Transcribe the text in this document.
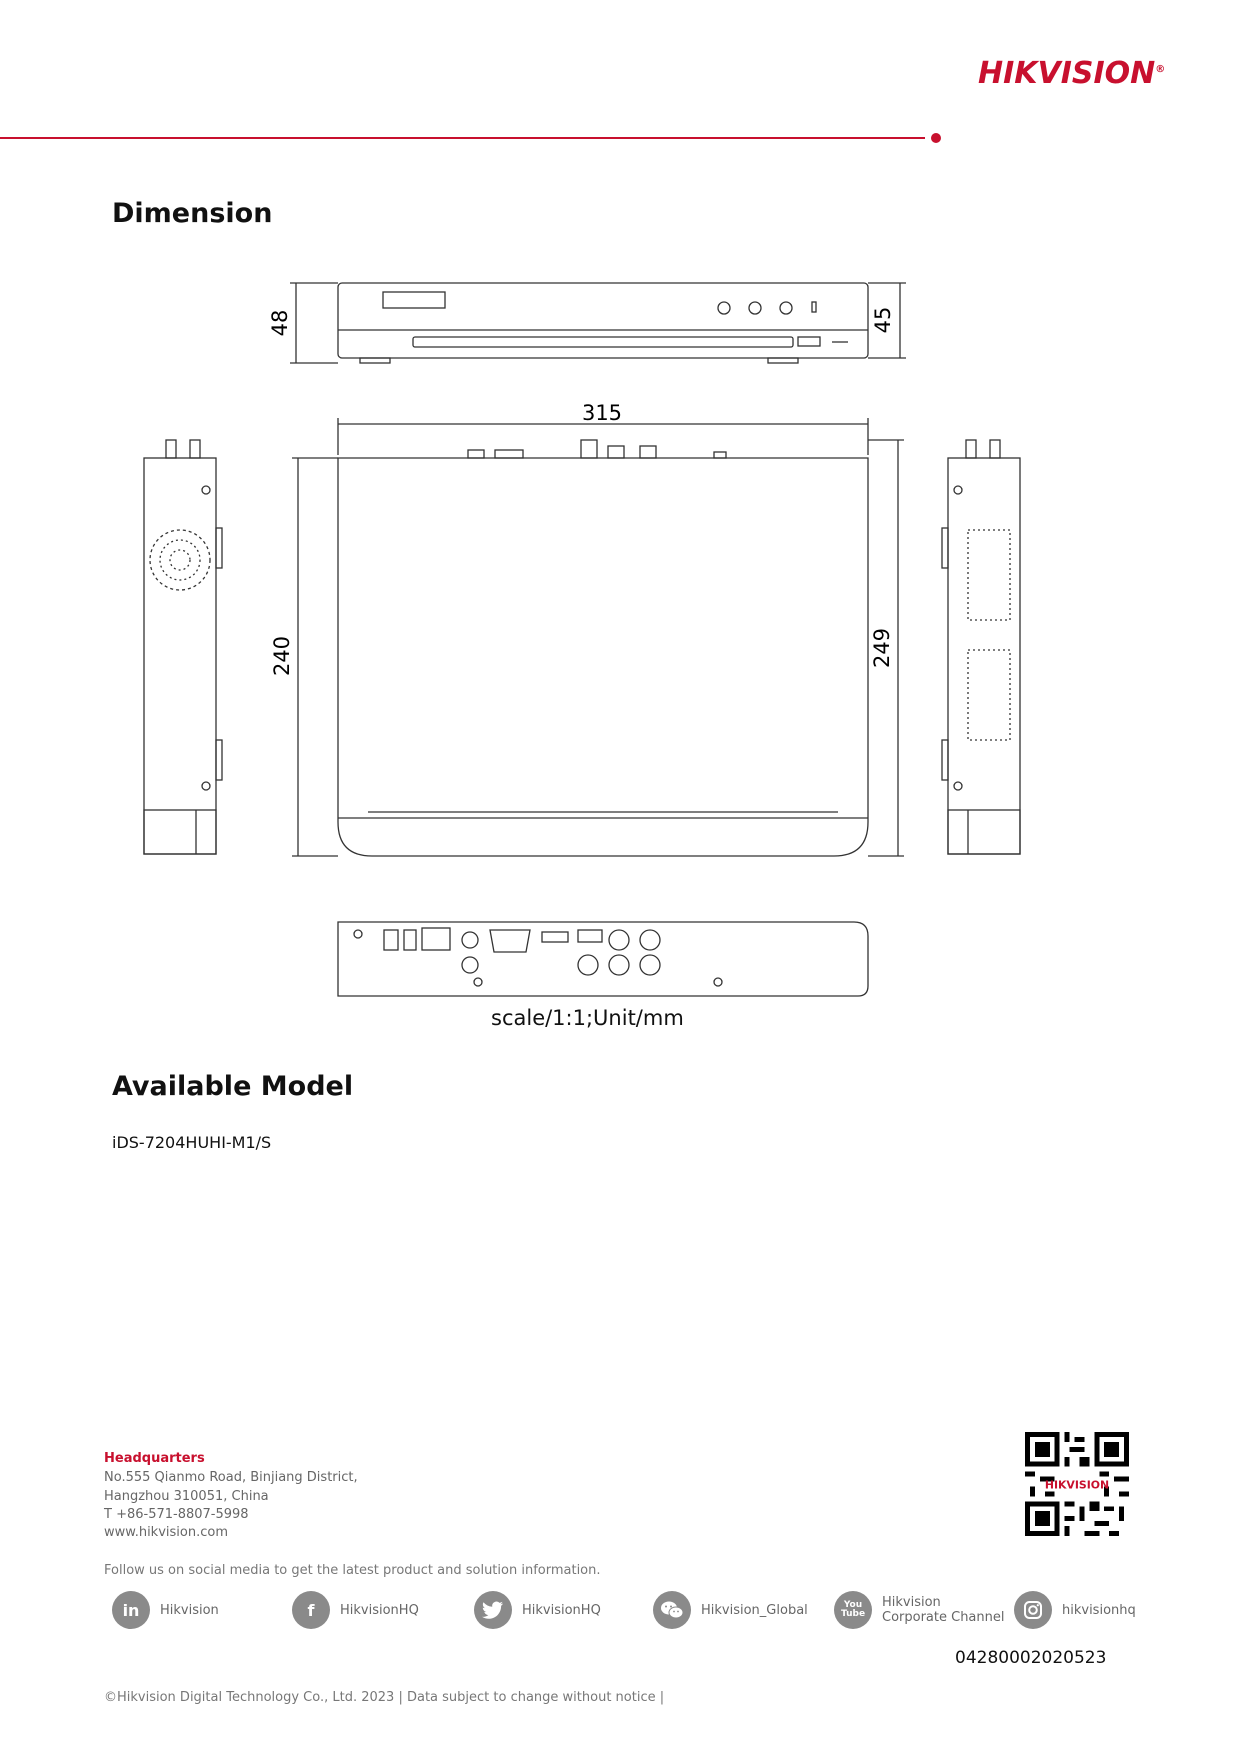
HIKVISION®
Dimension
48	45
315
240	249
scale/1:1;Unit/mm
Available Model
iDS-7204HUHI-M1/S
Headquarters
No.555 Qianmo Road, Binjiang District,
Hangzhou 310051, China
T +86-571-8807-5998
www.hikvision.com
HIKVISION
Follow us on social media to get the latest product and solution information.
in	Hikvision	f	HikvisionHQ	HikvisionHQ	Hikvision_Global	You Tube
Hikvision
Corporate Channel	hikvisionhq
04280002020523
©Hikvision Digital Technology Co., Ltd. 2023 | Data subject to change without notice |
